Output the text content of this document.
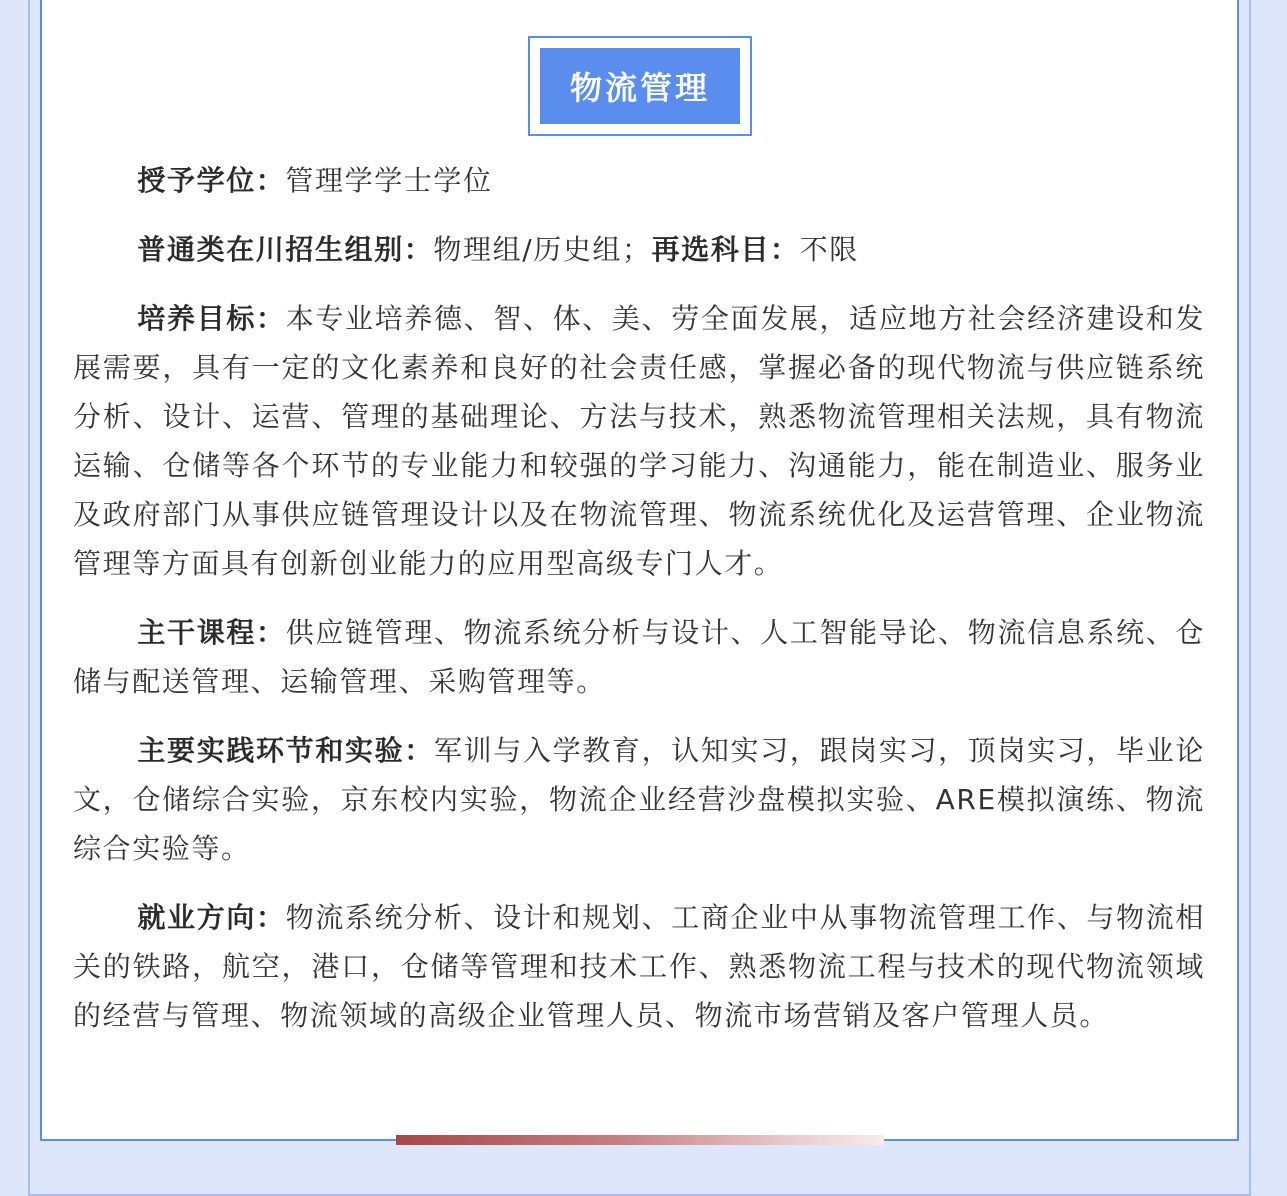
物流管理

授予学位：管理学学士学位

普通类在川招生组别：物理组/历史组；再选科目：不限

培养目标：本专业培养德、智、体、美、劳全面发展，适应地方社会经济建设和发展需要，具有一定的文化素养和良好的社会责任感，掌握必备的现代物流与供应链系统分析、设计、运营、管理的基础理论、方法与技术，熟悉物流管理相关法规，具有物流运输、仓储等各个环节的专业能力和较强的学习能力、沟通能力，能在制造业、服务业及政府部门从事供应链管理设计以及在物流管理、物流系统优化及运营管理、企业物流管理等方面具有创新创业能力的应用型高级专门人才。

主干课程：供应链管理、物流系统分析与设计、人工智能导论、物流信息系统、仓储与配送管理、运输管理、采购管理等。

主要实践环节和实验：军训与入学教育，认知实习，跟岗实习，顶岗实习，毕业论文，仓储综合实验，京东校内实验，物流企业经营沙盘模拟实验、ARE模拟演练、物流综合实验等。

就业方向：物流系统分析、设计和规划、工商企业中从事物流管理工作、与物流相关的铁路，航空，港口，仓储等管理和技术工作、熟悉物流工程与技术的现代物流领域的经营与管理、物流领域的高级企业管理人员、物流市场营销及客户管理人员。
